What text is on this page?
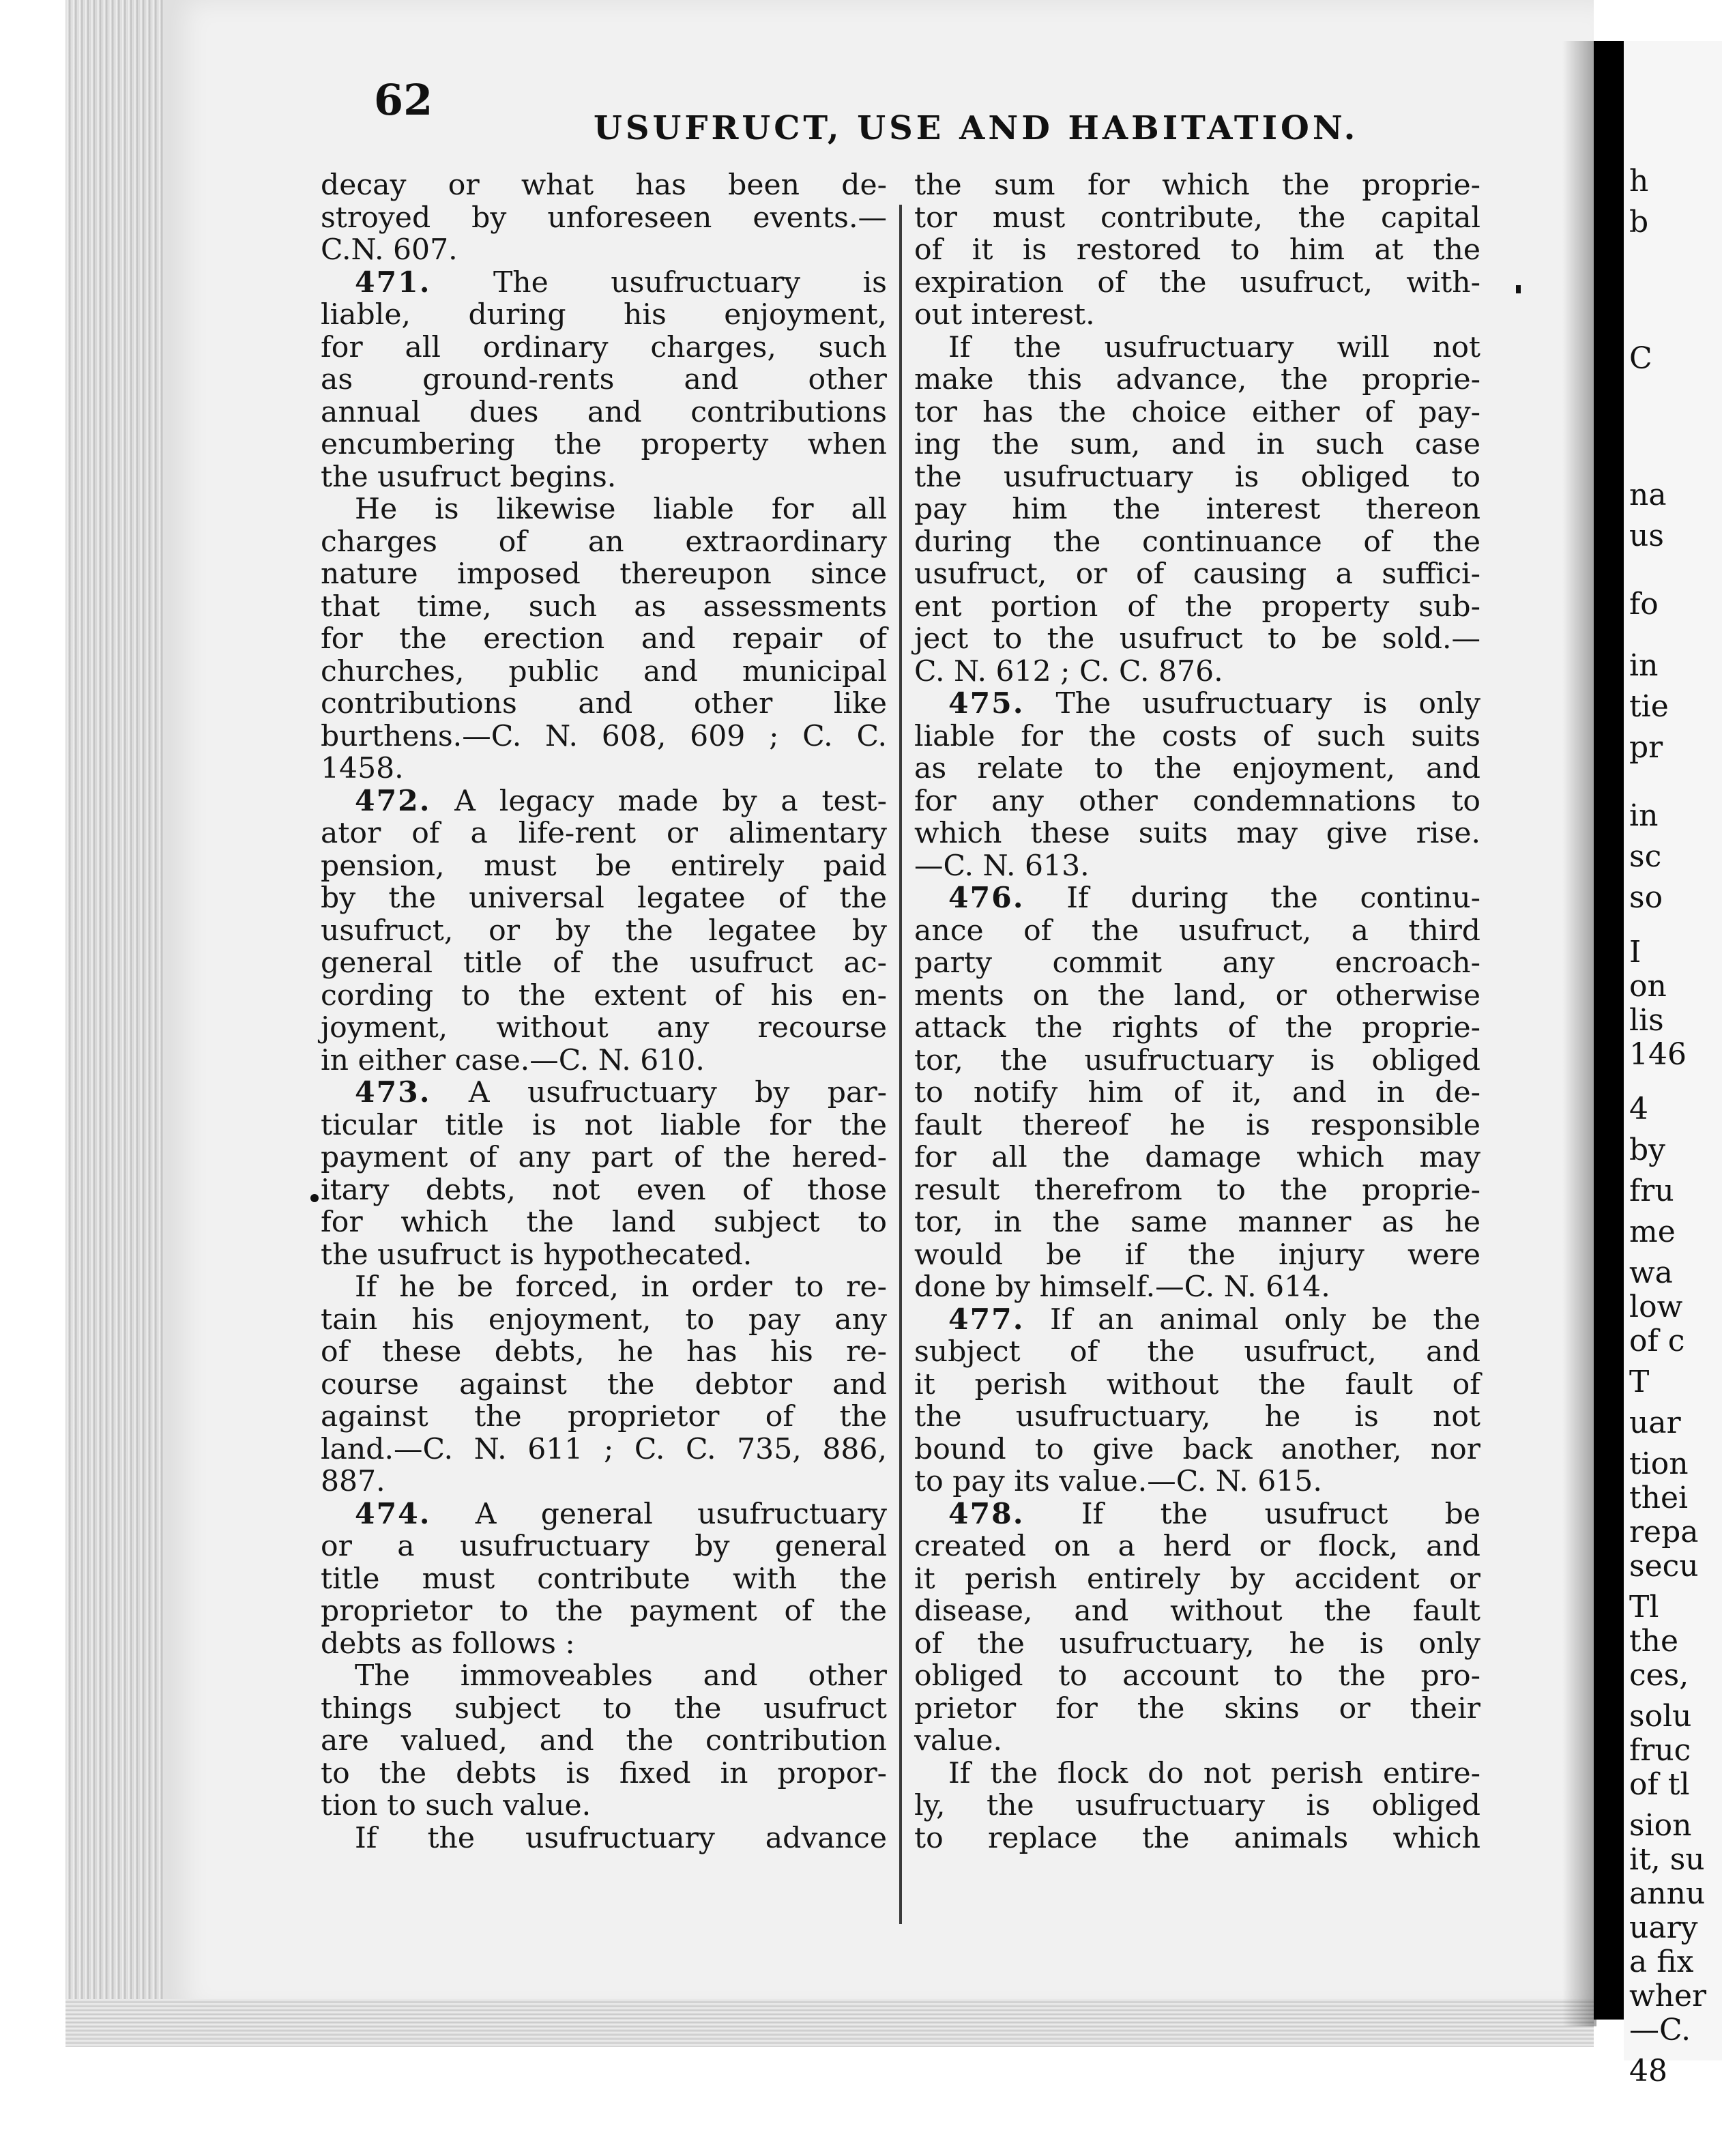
h
b
C
na
us
fo
in
tie
pr
in
sc
so
I
on
lis
146
4
by
fru
me
wa
low
of c
T
uar
tion
thei
repa
secu
Tl
the
ces,
solu
fruc
of tl
sion
it, su
annu
uary
a fix
wher
—C.
48
62
USUFRUCT, USE AND HABITATION.
decay or what has been de-
stroyed by unforeseen events.—
C.N. 607.
471. The usufructuary is
liable, during his enjoyment,
for all ordinary charges, such
as ground-rents and other
annual dues and contributions
encumbering the property when
the usufruct begins.
He is likewise liable for all
charges of an extraordinary
nature imposed thereupon since
that time, such as assessments
for the erection and repair of
churches, public and municipal
contributions and other like
burthens.—C. N. 608, 609 ; C. C.
1458.
472. A legacy made by a test-
ator of a life-rent or alimentary
pension, must be entirely paid
by the universal legatee of the
usufruct, or by the legatee by
general title of the usufruct ac-
cording to the extent of his en-
joyment, without any recourse
in either case.—C. N. 610.
473. A usufructuary by par-
ticular title is not liable for the
payment of any part of the hered-
itary debts, not even of those
for which the land subject to
the usufruct is hypothecated.
If he be forced, in order to re-
tain his enjoyment, to pay any
of these debts, he has his re-
course against the debtor and
against the proprietor of the
land.—C. N. 611 ; C. C. 735, 886,
887.
474. A general usufructuary
or a usufructuary by general
title must contribute with the
proprietor to the payment of the
debts as follows :
The immoveables and other
things subject to the usufruct
are valued, and the contribution
to the debts is fixed in propor-
tion to such value.
If the usufructuary advance
the sum for which the proprie-
tor must contribute, the capital
of it is restored to him at the
expiration of the usufruct, with-
out interest.
If the usufructuary will not
make this advance, the proprie-
tor has the choice either of pay-
ing the sum, and in such case
the usufructuary is obliged to
pay him the interest thereon
during the continuance of the
usufruct, or of causing a suffici-
ent portion of the property sub-
ject to the usufruct to be sold.—
C. N. 612 ; C. C. 876.
475. The usufructuary is only
liable for the costs of such suits
as relate to the enjoyment, and
for any other condemnations to
which these suits may give rise.
—C. N. 613.
476. If during the continu-
ance of the usufruct, a third
party commit any encroach-
ments on the land, or otherwise
attack the rights of the proprie-
tor, the usufructuary is obliged
to notify him of it, and in de-
fault thereof he is responsible
for all the damage which may
result therefrom to the proprie-
tor, in the same manner as he
would be if the injury were
done by himself.—C. N. 614.
477. If an animal only be the
subject of the usufruct, and
it perish without the fault of
the usufructuary, he is not
bound to give back another, nor
to pay its value.—C. N. 615.
478. If the usufruct be
created on a herd or flock, and
it perish entirely by accident or
disease, and without the fault
of the usufructuary, he is only
obliged to account to the pro-
prietor for the skins or their
value.
If the flock do not perish entire-
ly, the usufructuary is obliged
to replace the animals which
